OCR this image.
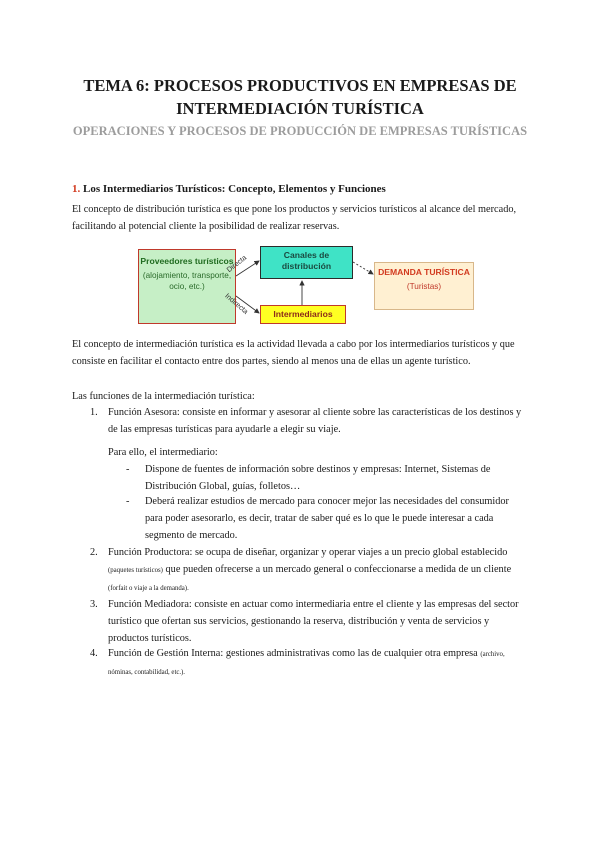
TEMA 6: PROCESOS PRODUCTIVOS EN EMPRESAS DE INTERMEDIACIÓN TURÍSTICA
OPERACIONES Y PROCESOS DE PRODUCCIÓN DE EMPRESAS TURÍSTICAS

1. Los Intermediarios Turísticos: Concepto, Elementos y Funciones

El concepto de distribución turística es que pone los productos y servicios turísticos al alcance del mercado, facilitando al potencial cliente la posibilidad de realizar reservas.

Proveedores turísticos
(alojamiento, transporte, ocio, etc.)
Canales de distribución
DEMANDA TURÍSTICA
(Turistas)
Intermediarios
Directa
Indirecta

El concepto de intermediación turística es la actividad llevada a cabo por los intermediarios turísticos y que consiste en facilitar el contacto entre dos partes, siendo al menos una de ellas un agente turístico.

Las funciones de la intermediación turística:

1. Función Asesora: consiste en informar y asesorar al cliente sobre las características de los destinos y de las empresas turísticas para ayudarle a elegir su viaje.

Para ello, el intermediario:

- Dispone de fuentes de información sobre destinos y empresas: Internet, Sistemas de Distribución Global, guías, folletos…

- Deberá realizar estudios de mercado para conocer mejor las necesidades del consumidor para poder asesorarlo, es decir, tratar de saber qué es lo que le puede interesar a cada segmento de mercado.

2. Función Productora: se ocupa de diseñar, organizar y operar viajes a un precio global establecido (paquetes turísticos) que pueden ofrecerse a un mercado general o confeccionarse a medida de un cliente (forfait o viaje a la demanda).

3. Función Mediadora: consiste en actuar como intermediaria entre el cliente y las empresas del sector turístico que ofertan sus servicios, gestionando la reserva, distribución y venta de servicios y productos turísticos.

4. Función de Gestión Interna: gestiones administrativas como las de cualquier otra empresa (archivo, nóminas, contabilidad, etc.).
